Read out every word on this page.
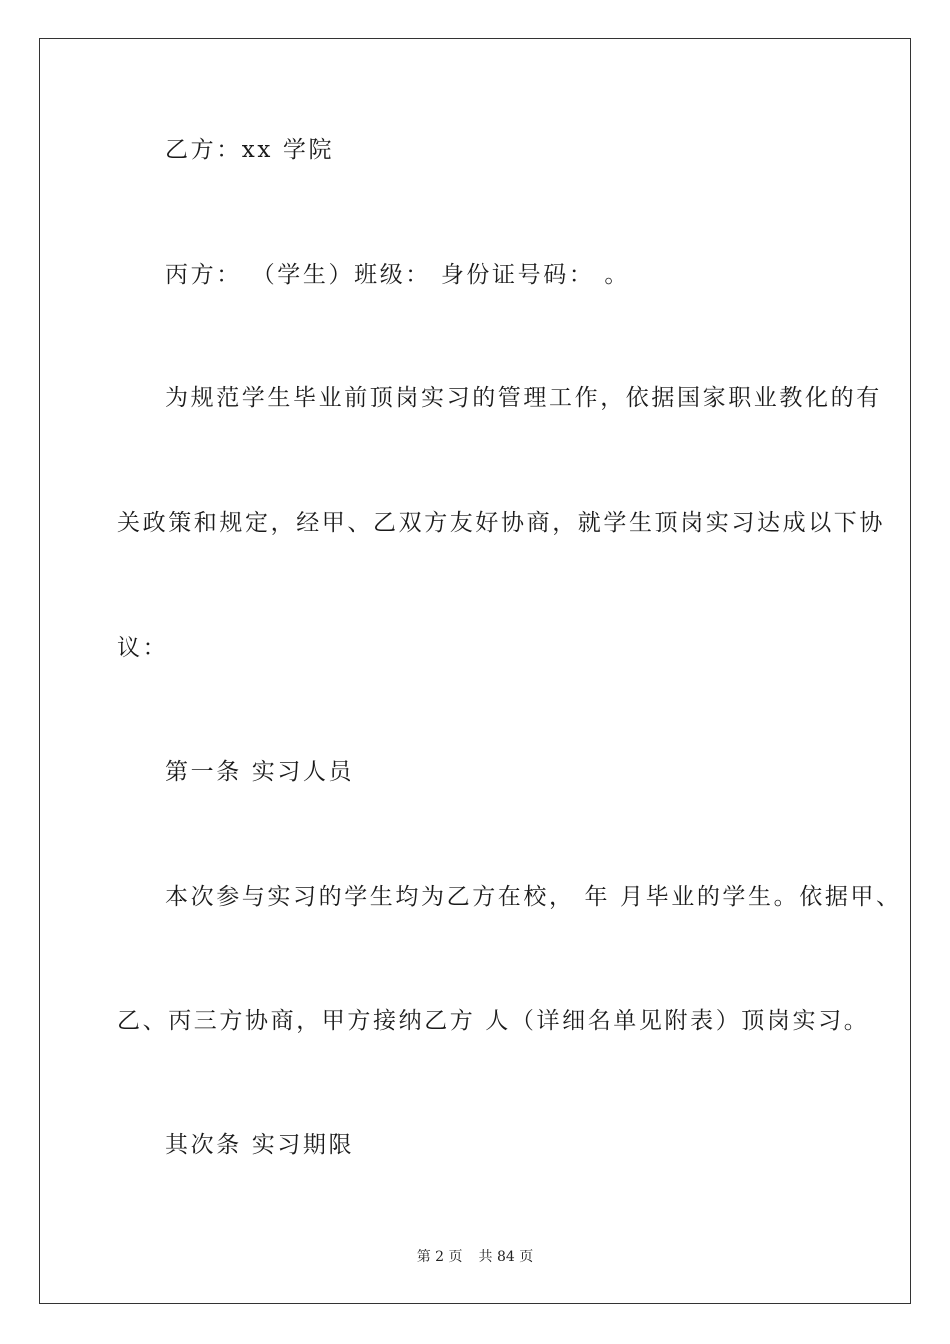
乙方：xx 学院
丙方： （学生）班级： 身份证号码： 。
为规范学生毕业前顶岗实习的管理工作，依据国家职业教化的有
关政策和规定，经甲、乙双方友好协商，就学生顶岗实习达成以下协
议：
第一条 实习人员
本次参与实习的学生均为乙方在校， 年 月毕业的学生。依据甲、
乙、丙三方协商，甲方接纳乙方 人（详细名单见附表）顶岗实习。
其次条 实习期限
第 2 页 共 84 页
